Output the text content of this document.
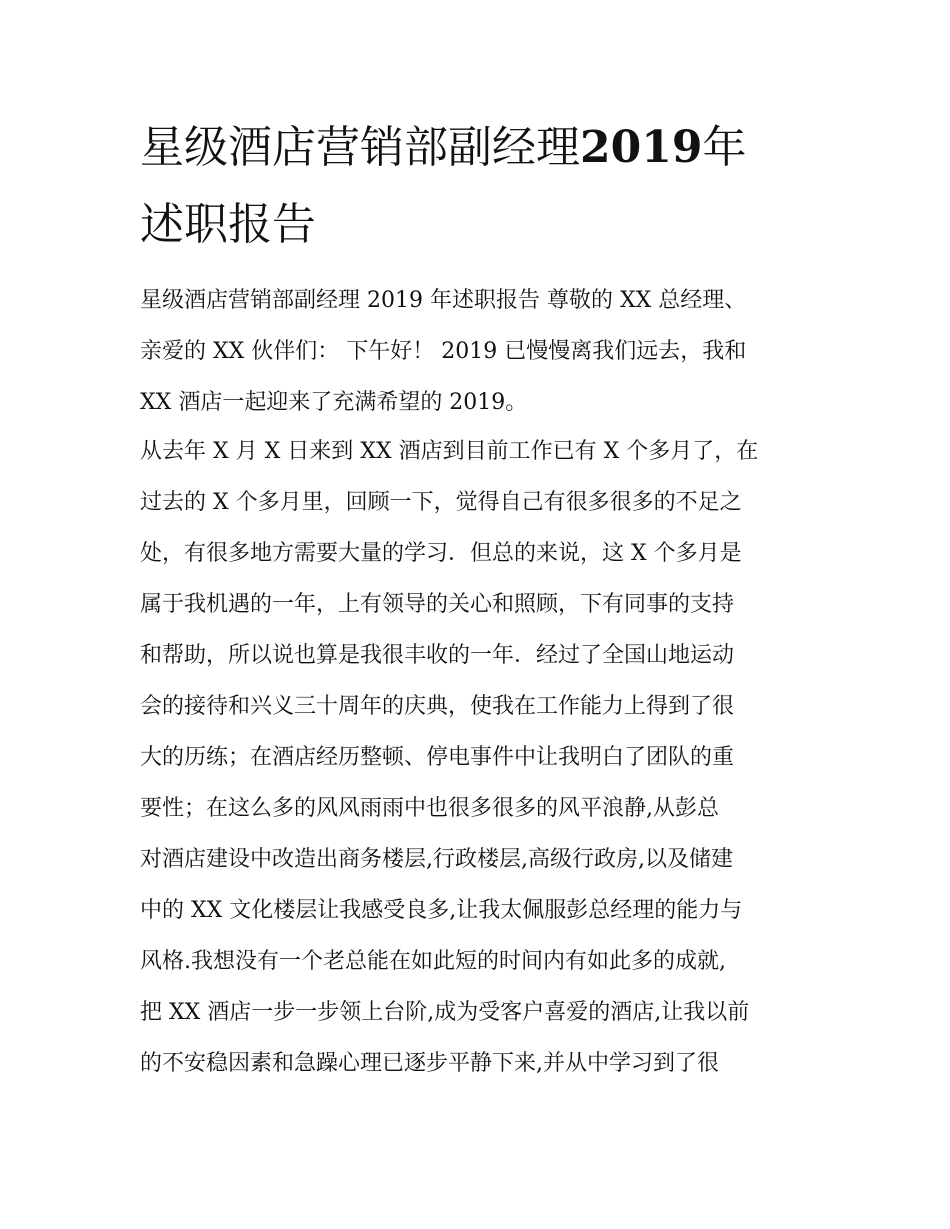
星级酒店营销部副经理2019年
述职报告
星级酒店营销部副经理 2019 年述职报告 尊敬的 XX 总经理、
亲爱的 XX 伙伴们： 下午好！ 2019 已慢慢离我们远去，我和
XX 酒店一起迎来了充满希望的 2019。
从去年 X 月 X 日来到 XX 酒店到目前工作已有 X 个多月了，在
过去的 X 个多月里，回顾一下，觉得自己有很多很多的不足之
处，有很多地方需要大量的学习．但总的来说，这 X 个多月是
属于我机遇的一年，上有领导的关心和照顾，下有同事的支持
和帮助，所以说也算是我很丰收的一年．经过了全国山地运动
会的接待和兴义三十周年的庆典，使我在工作能力上得到了很
大的历练；在酒店经历整顿、停电事件中让我明白了团队的重
要性；在这么多的风风雨雨中也很多很多的风平浪静,从彭总
对酒店建设中改造出商务楼层,行政楼层,高级行政房,以及储建
中的 XX 文化楼层让我感受良多,让我太佩服彭总经理的能力与
风格.我想没有一个老总能在如此短的时间内有如此多的成就,
把 XX 酒店一步一步领上台阶,成为受客户喜爱的酒店,让我以前
的不安稳因素和急躁心理已逐步平静下来,并从中学习到了很
